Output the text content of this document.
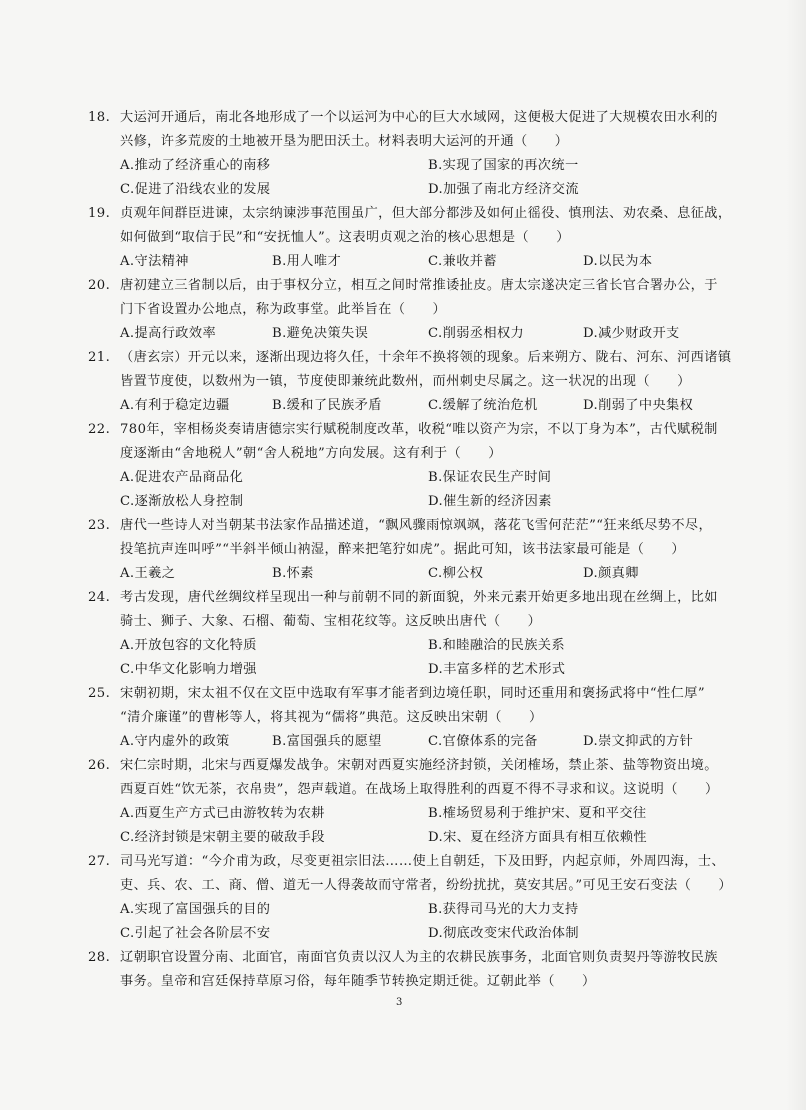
18. 大运河开通后，南北各地形成了一个以运河为中心的巨大水域网，这便极大促进了大规模农田水利的
兴修，许多荒废的土地被开垦为肥田沃土。材料表明大运河的开通（　　）
A.推动了经济重心的南移	B.实现了国家的再次统一
C.促进了沿线农业的发展	D.加强了南北方经济交流
19. 贞观年间群臣进谏，太宗纳谏涉事范围虽广，但大部分都涉及如何止徭役、慎刑法、劝农桑、息征战，
如何做到“取信于民”和“安抚恤人”。这表明贞观之治的核心思想是（　　）
A.守法精神	B.用人唯才	C.兼收并蓄	D.以民为本
20. 唐初建立三省制以后，由于事权分立，相互之间时常推诿扯皮。唐太宗遂决定三省长官合署办公，于
门下省设置办公地点，称为政事堂。此举旨在（　　）
A.提高行政效率	B.避免决策失误	C.削弱丞相权力	D.减少财政开支
21. （唐玄宗）开元以来，逐渐出现边将久任，十余年不换将领的现象。后来朔方、陇右、河东、河西诸镇
皆置节度使，以数州为一镇，节度使即兼统此数州，而州刺史尽属之。这一状况的出现（　　）
A.有利于稳定边疆	B.缓和了民族矛盾	C.缓解了统治危机	D.削弱了中央集权
22. 780年，宰相杨炎奏请唐德宗实行赋税制度改革，收税“唯以资产为宗，不以丁身为本”，古代赋税制
度逐渐由“舍地税人”朝“舍人税地”方向发展。这有利于（　　）
A.促进农产品商品化	B.保证农民生产时间
C.逐渐放松人身控制	D.催生新的经济因素
23. 唐代一些诗人对当朝某书法家作品描述道，“飘风骤雨惊飒飒，落花飞雪何茫茫”“狂来纸尽势不尽，
投笔抗声连叫呼”“半斜半倾山衲湿，醉来把笔狞如虎”。据此可知，该书法家最可能是（　　）
A.王羲之	B.怀素	C.柳公权	D.颜真卿
24. 考古发现，唐代丝绸纹样呈现出一种与前朝不同的新面貌，外来元素开始更多地出现在丝绸上，比如
骑士、狮子、大象、石榴、葡萄、宝相花纹等。这反映出唐代（　　）
A.开放包容的文化特质	B.和睦融洽的民族关系
C.中华文化影响力增强	D.丰富多样的艺术形式
25. 宋朝初期，宋太祖不仅在文臣中选取有军事才能者到边境任职，同时还重用和褒扬武将中“性仁厚”
“清介廉谨”的曹彬等人，将其视为“儒将”典范。这反映出宋朝（　　）
A.守内虚外的政策	B.富国强兵的愿望	C.官僚体系的完备	D.崇文抑武的方针
26. 宋仁宗时期，北宋与西夏爆发战争。宋朝对西夏实施经济封锁，关闭榷场，禁止茶、盐等物资出境。
西夏百姓“饮无茶，衣帛贵”，怨声载道。在战场上取得胜利的西夏不得不寻求和议。这说明（　　）
A.西夏生产方式已由游牧转为农耕	B.榷场贸易利于维护宋、夏和平交往
C.经济封锁是宋朝主要的破敌手段	D.宋、夏在经济方面具有相互依赖性
27. 司马光写道：“今介甫为政，尽变更祖宗旧法……使上自朝廷，下及田野，内起京师，外周四海，士、
吏、兵、农、工、商、僧、道无一人得袭故而守常者，纷纷扰扰，莫安其居。”可见王安石变法（　　）
A.实现了富国强兵的目的	B.获得司马光的大力支持
C.引起了社会各阶层不安	D.彻底改变宋代政治体制
28. 辽朝职官设置分南、北面官，南面官负责以汉人为主的农耕民族事务，北面官则负责契丹等游牧民族
事务。皇帝和宫廷保持草原习俗，每年随季节转换定期迁徙。辽朝此举（　　）
3
